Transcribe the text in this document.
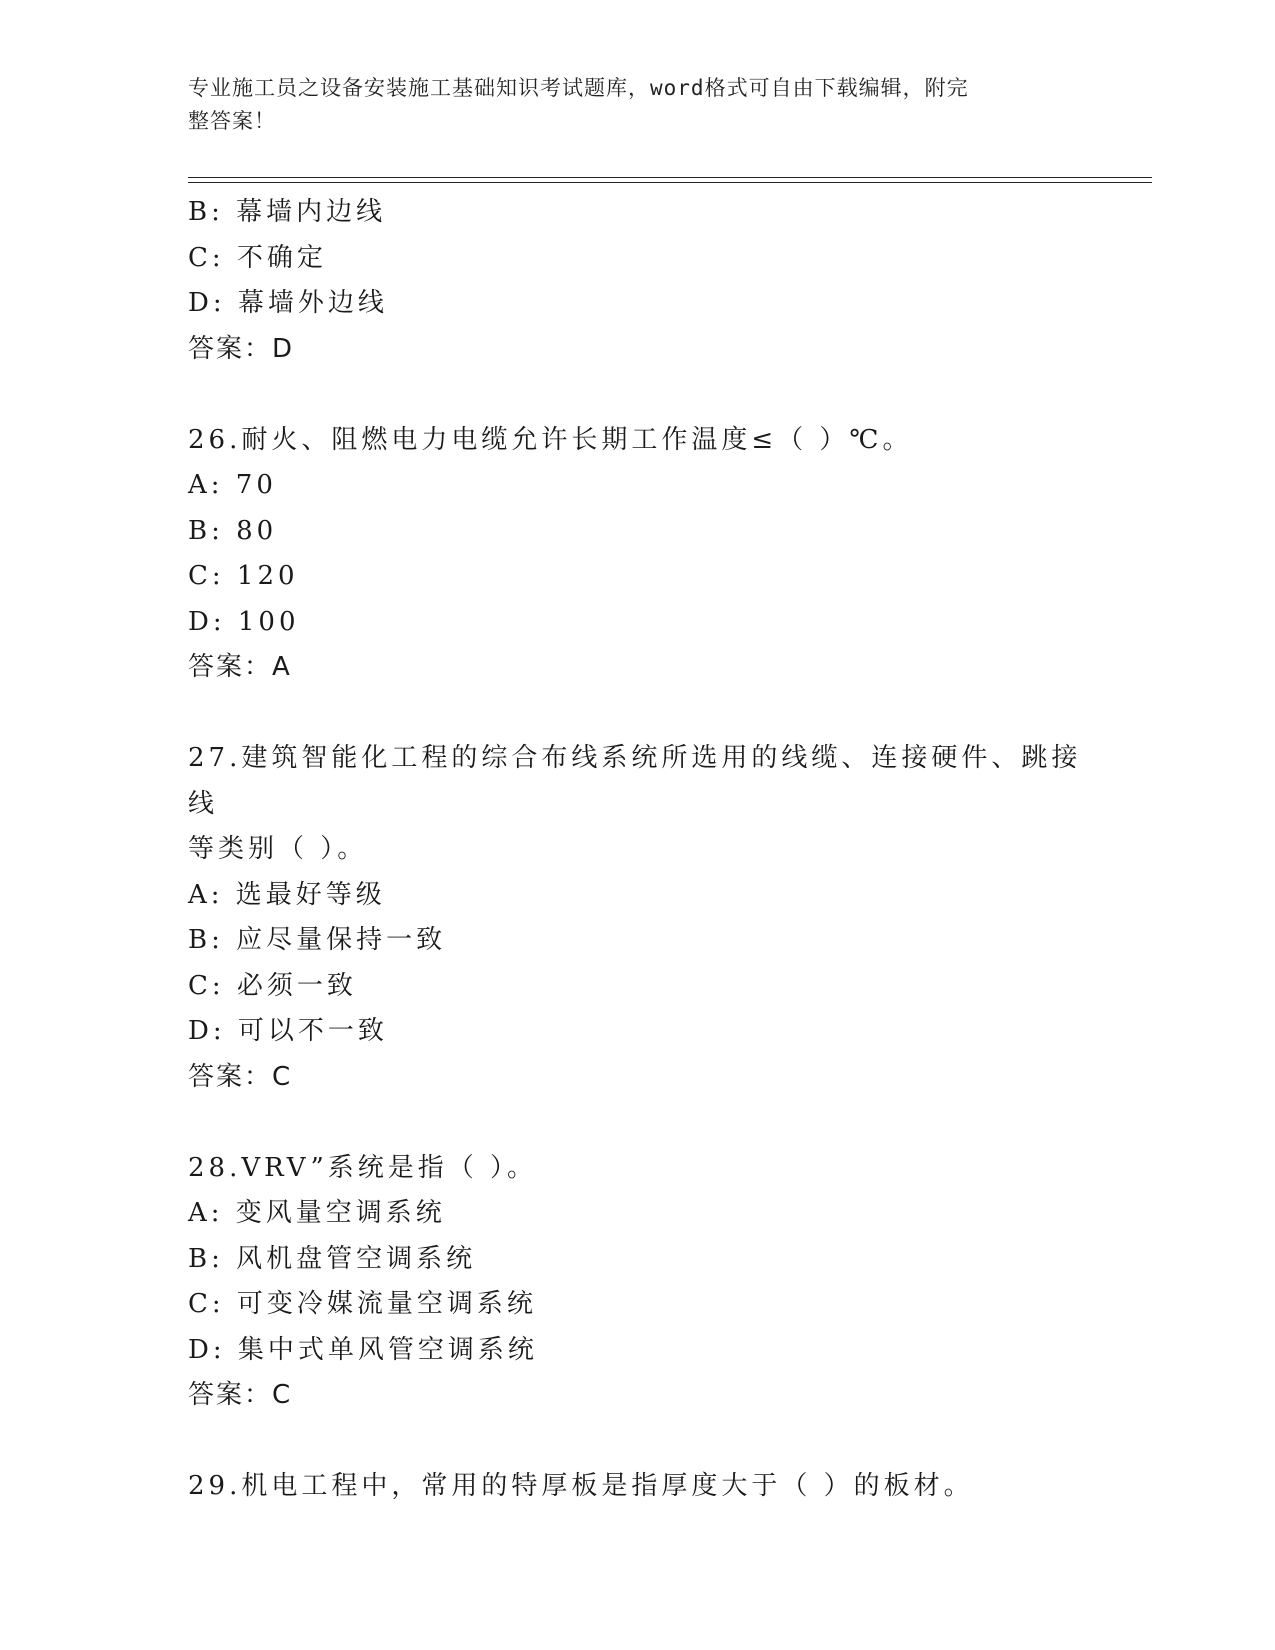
专业施工员之设备安装施工基础知识考试题库，word格式可自由下载编辑，附完
整答案！
B: 幕墙内边线
C: 不确定
D: 幕墙外边线
答案：D
26.耐火、阻燃电力电缆允许长期工作温度≤（ ）℃。
A: 70
B: 80
C: 120
D: 100
答案：A
27.建筑智能化工程的综合布线系统所选用的线缆、连接硬件、跳接线
等类别（ ）。
A: 选最好等级
B: 应尽量保持一致
C: 必须一致
D: 可以不一致
答案：C
28.VRV”系统是指（ ）。
A: 变风量空调系统
B: 风机盘管空调系统
C: 可变冷媒流量空调系统
D: 集中式单风管空调系统
答案：C
29.机电工程中，常用的特厚板是指厚度大于（ ）的板材。
